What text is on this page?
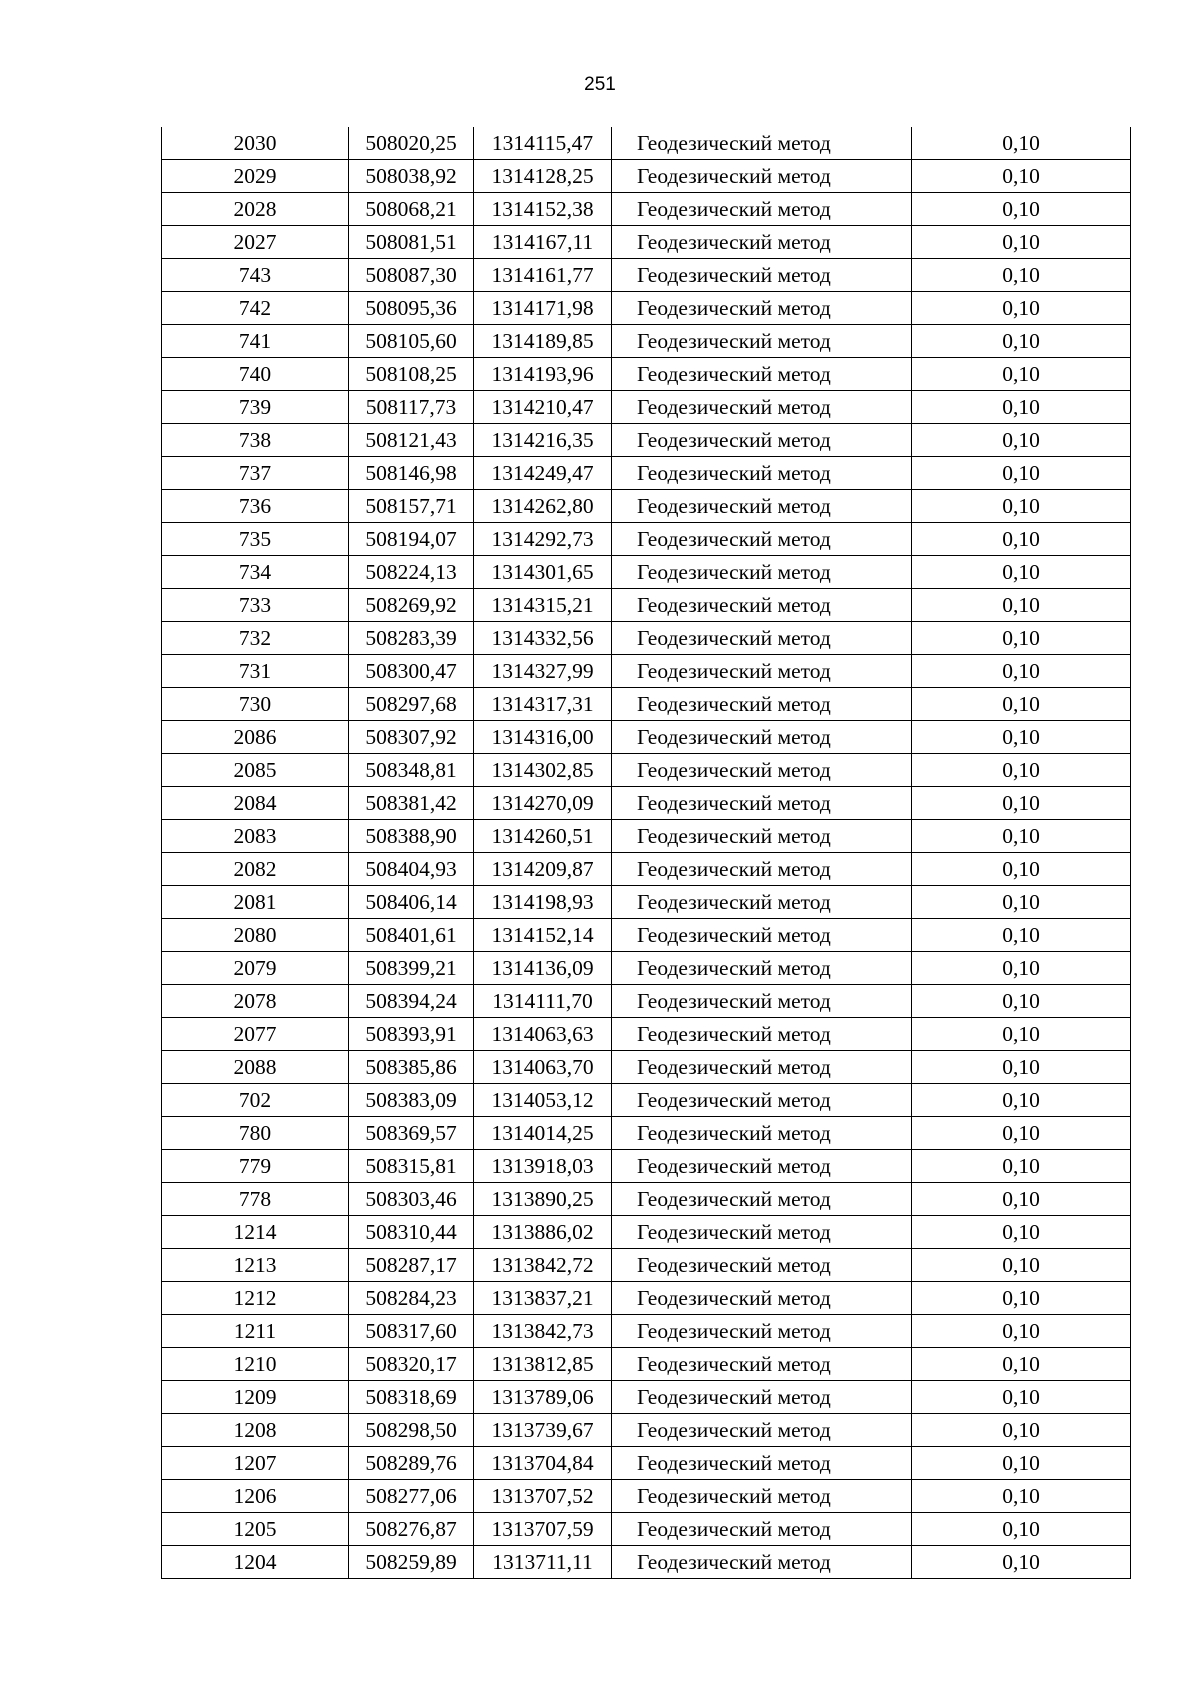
251
2030	508020,25	1314115,47	Геодезический метод	0,10
2029	508038,92	1314128,25	Геодезический метод	0,10
2028	508068,21	1314152,38	Геодезический метод	0,10
2027	508081,51	1314167,11	Геодезический метод	0,10
743	508087,30	1314161,77	Геодезический метод	0,10
742	508095,36	1314171,98	Геодезический метод	0,10
741	508105,60	1314189,85	Геодезический метод	0,10
740	508108,25	1314193,96	Геодезический метод	0,10
739	508117,73	1314210,47	Геодезический метод	0,10
738	508121,43	1314216,35	Геодезический метод	0,10
737	508146,98	1314249,47	Геодезический метод	0,10
736	508157,71	1314262,80	Геодезический метод	0,10
735	508194,07	1314292,73	Геодезический метод	0,10
734	508224,13	1314301,65	Геодезический метод	0,10
733	508269,92	1314315,21	Геодезический метод	0,10
732	508283,39	1314332,56	Геодезический метод	0,10
731	508300,47	1314327,99	Геодезический метод	0,10
730	508297,68	1314317,31	Геодезический метод	0,10
2086	508307,92	1314316,00	Геодезический метод	0,10
2085	508348,81	1314302,85	Геодезический метод	0,10
2084	508381,42	1314270,09	Геодезический метод	0,10
2083	508388,90	1314260,51	Геодезический метод	0,10
2082	508404,93	1314209,87	Геодезический метод	0,10
2081	508406,14	1314198,93	Геодезический метод	0,10
2080	508401,61	1314152,14	Геодезический метод	0,10
2079	508399,21	1314136,09	Геодезический метод	0,10
2078	508394,24	1314111,70	Геодезический метод	0,10
2077	508393,91	1314063,63	Геодезический метод	0,10
2088	508385,86	1314063,70	Геодезический метод	0,10
702	508383,09	1314053,12	Геодезический метод	0,10
780	508369,57	1314014,25	Геодезический метод	0,10
779	508315,81	1313918,03	Геодезический метод	0,10
778	508303,46	1313890,25	Геодезический метод	0,10
1214	508310,44	1313886,02	Геодезический метод	0,10
1213	508287,17	1313842,72	Геодезический метод	0,10
1212	508284,23	1313837,21	Геодезический метод	0,10
1211	508317,60	1313842,73	Геодезический метод	0,10
1210	508320,17	1313812,85	Геодезический метод	0,10
1209	508318,69	1313789,06	Геодезический метод	0,10
1208	508298,50	1313739,67	Геодезический метод	0,10
1207	508289,76	1313704,84	Геодезический метод	0,10
1206	508277,06	1313707,52	Геодезический метод	0,10
1205	508276,87	1313707,59	Геодезический метод	0,10
1204	508259,89	1313711,11	Геодезический метод	0,10
